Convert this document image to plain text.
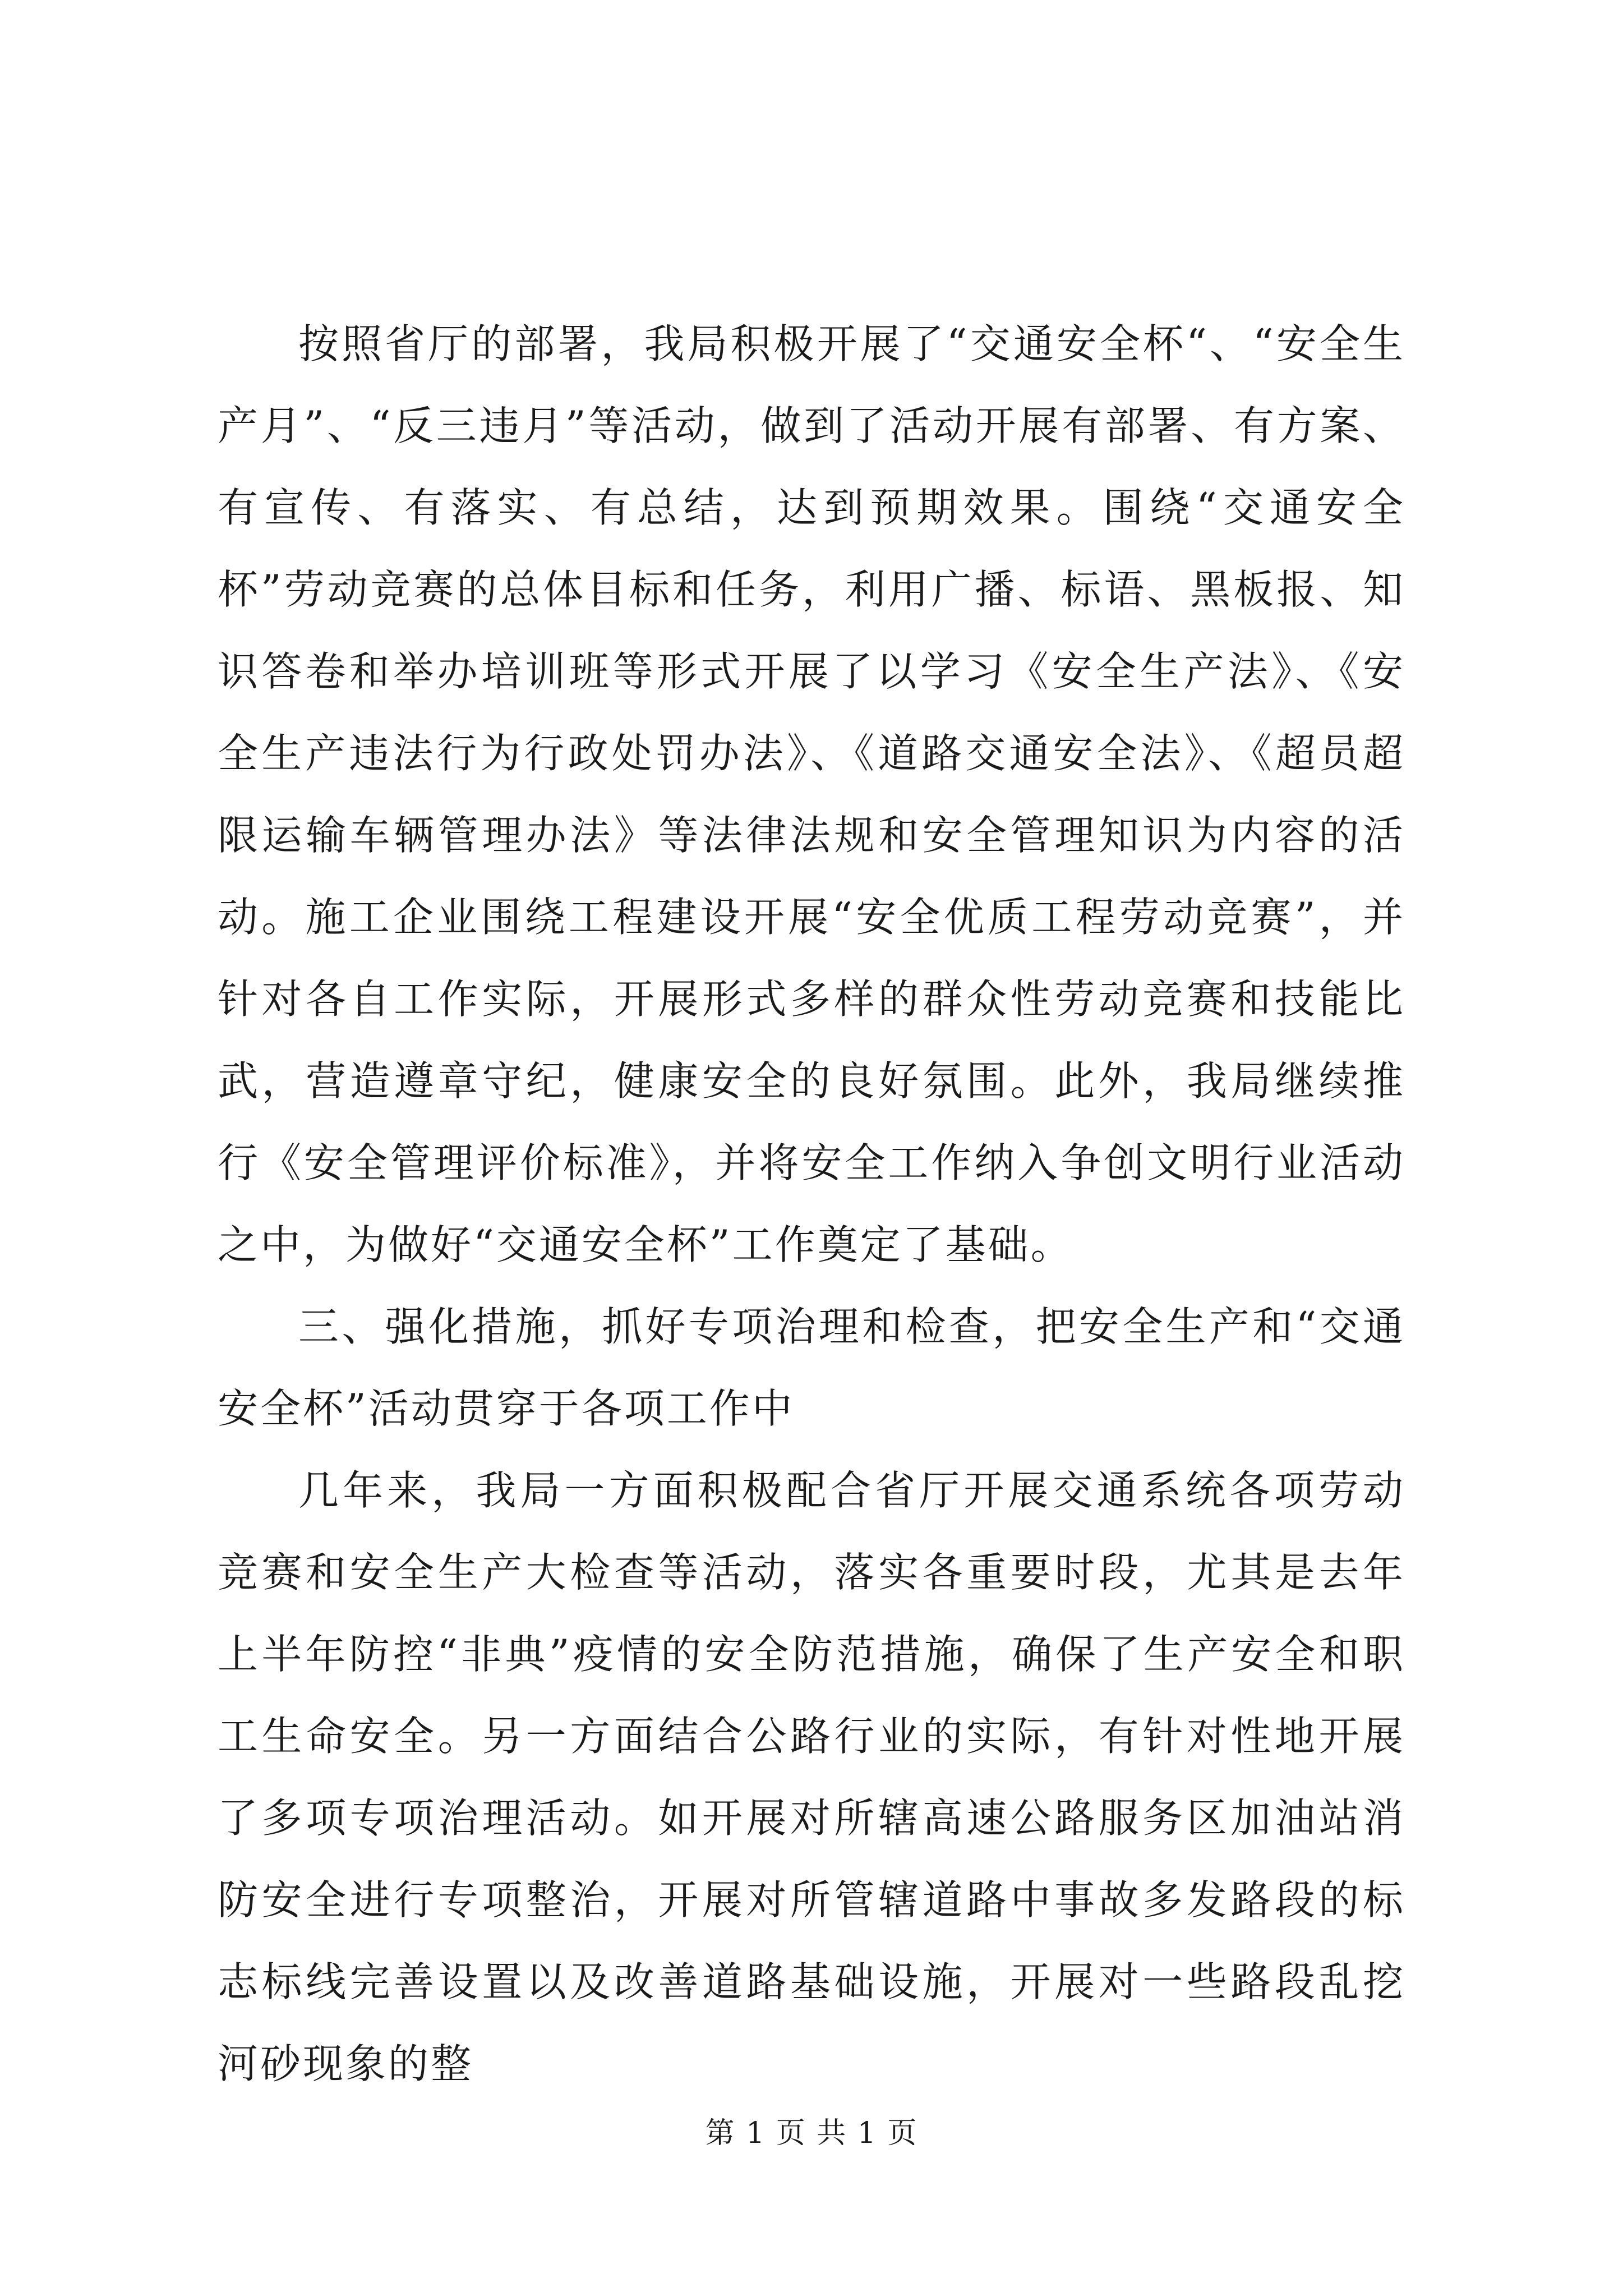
按照省厅的部署，我局积极开展了“交通安全杯“、“安全生产月”、“反三违月”等活动，做到了活动开展有部署、有方案、有宣传、有落实、有总结，达到预期效果。围绕“交通安全杯”劳动竞赛的总体目标和任务，利用广播、标语、黑板报、知识答卷和举办培训班等形式开展了以学习《安全生产法》、《安全生产违法行为行政处罚办法》、《道路交通安全法》、《超员超限运输车辆管理办法》等法律法规和安全管理知识为内容的活动。施工企业围绕工程建设开展“安全优质工程劳动竞赛”，并针对各自工作实际，开展形式多样的群众性劳动竞赛和技能比武，营造遵章守纪，健康安全的良好氛围。此外，我局继续推行《安全管理评价标准》，并将安全工作纳入争创文明行业活动之中，为做好“交通安全杯”工作奠定了基础。

三、强化措施，抓好专项治理和检查，把安全生产和“交通安全杯”活动贯穿于各项工作中

几年来，我局一方面积极配合省厅开展交通系统各项劳动竞赛和安全生产大检查等活动，落实各重要时段，尤其是去年上半年防控“非典”疫情的安全防范措施，确保了生产安全和职工生命安全。另一方面结合公路行业的实际，有针对性地开展了多项专项治理活动。如开展对所辖高速公路服务区加油站消防安全进行专项整治，开展对所管辖道路中事故多发路段的标志标线完善设置以及改善道路基础设施，开展对一些路段乱挖河砂现象的整

第 1 页 共 1 页
